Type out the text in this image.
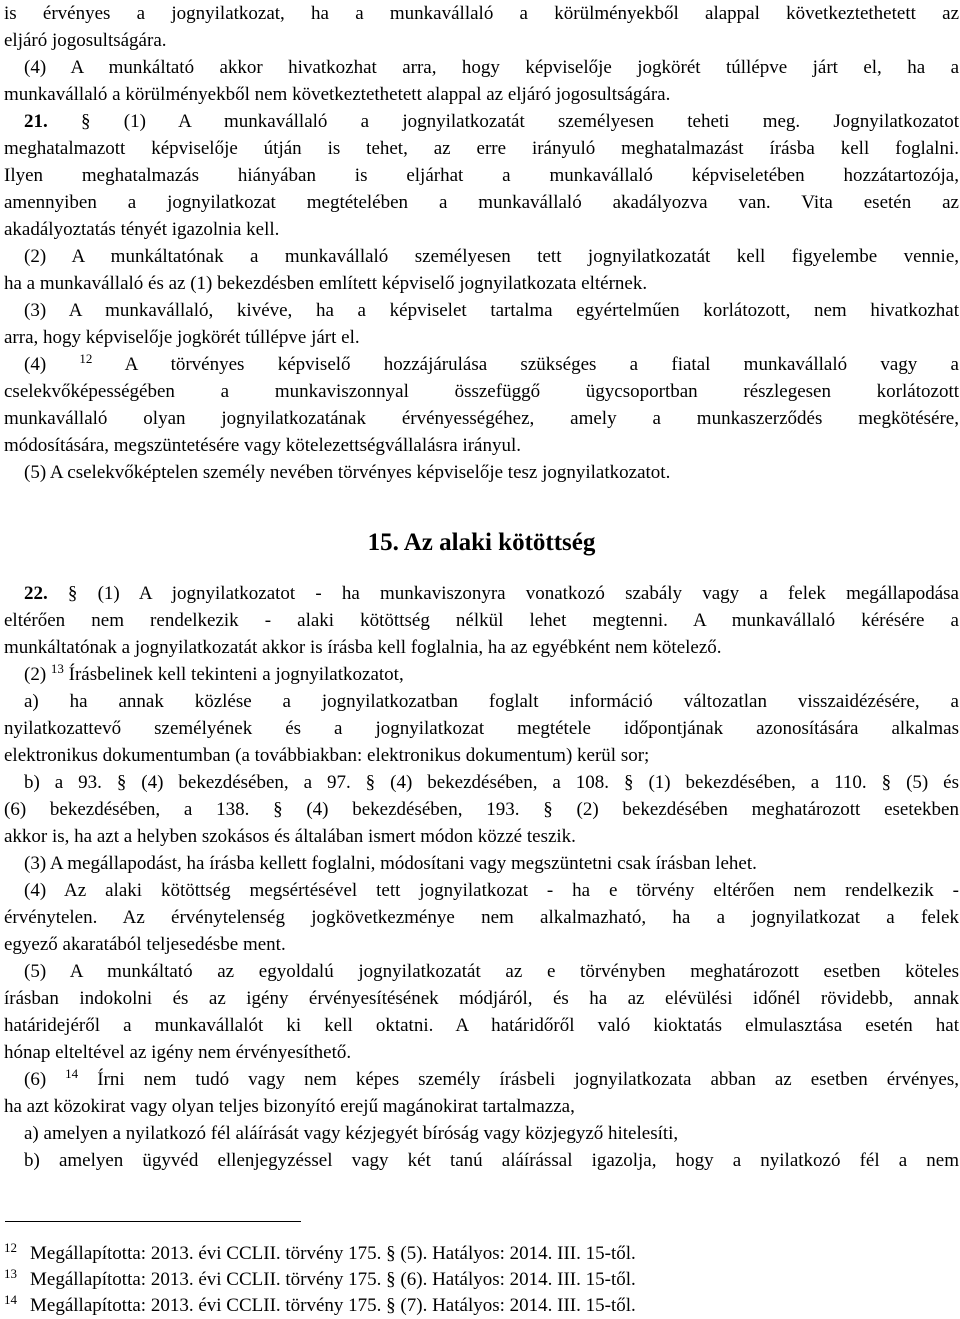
is érvényes a jognyilatkozat, ha a munkavállaló a körülményekből alappal következtethetett az
eljáró jogosultságára.
(4) A munkáltató akkor hivatkozhat arra, hogy képviselője jogkörét túllépve járt el, ha a
munkavállaló a körülményekből nem következtethetett alappal az eljáró jogosultságára.
21. § (1) A munkavállaló a jognyilatkozatát személyesen teheti meg. Jognyilatkozatot
meghatalmazott képviselője útján is tehet, az erre irányuló meghatalmazást írásba kell foglalni.
Ilyen meghatalmazás hiányában is eljárhat a munkavállaló képviseletében hozzátartozója,
amennyiben a jognyilatkozat megtételében a munkavállaló akadályozva van. Vita esetén az
akadályoztatás tényét igazolnia kell.
(2) A munkáltatónak a munkavállaló személyesen tett jognyilatkozatát kell figyelembe vennie,
ha a munkavállaló és az (1) bekezdésben említett képviselő jognyilatkozata eltérnek.
(3) A munkavállaló, kivéve, ha a képviselet tartalma egyértelműen korlátozott, nem hivatkozhat
arra, hogy képviselője jogkörét túllépve járt el.
(4) $^{12}$ A törvényes képviselő hozzájárulása szükséges a fiatal munkavállaló vagy a
cselekvőképességében a munkaviszonnyal összefüggő ügycsoportban részlegesen korlátozott
munkavállaló olyan jognyilatkozatának érvényességéhez, amely a munkaszerződés megkötésére,
módosítására, megszüntetésére vagy kötelezettségvállalásra irányul.
(5) A cselekvőképtelen személy nevében törvényes képviselője tesz jognyilatkozatot.
22. § (1) A jognyilatkozatot - ha munkaviszonyra vonatkozó szabály vagy a felek megállapodása
eltérően nem rendelkezik - alaki kötöttség nélkül lehet megtenni. A munkavállaló kérésére a
munkáltatónak a jognyilatkozatát akkor is írásba kell foglalnia, ha az egyébként nem kötelező.
(2) $^{13}$ Írásbelinek kell tekinteni a jognyilatkozatot,
a) ha annak közlése a jognyilatkozatban foglalt információ változatlan visszaidézésére, a
nyilatkozattevő személyének és a jognyilatkozat megtétele időpontjának azonosítására alkalmas
elektronikus dokumentumban (a továbbiakban: elektronikus dokumentum) kerül sor;
b) a 93. § (4) bekezdésében, a 97. § (4) bekezdésében, a 108. § (1) bekezdésében, a 110. § (5) és
(6) bekezdésében, a 138. § (4) bekezdésében, 193. § (2) bekezdésében meghatározott esetekben
akkor is, ha azt a helyben szokásos és általában ismert módon közzé teszik.
(3) A megállapodást, ha írásba kellett foglalni, módosítani vagy megszüntetni csak írásban lehet.
(4) Az alaki kötöttség megsértésével tett jognyilatkozat - ha e törvény eltérően nem rendelkezik -
érvénytelen. Az érvénytelenség jogkövetkezménye nem alkalmazható, ha a jognyilatkozat a felek
egyező akaratából teljesedésbe ment.
(5) A munkáltató az egyoldalú jognyilatkozatát az e törvényben meghatározott esetben köteles
írásban indokolni és az igény érvényesítésének módjáról, és ha az elévülési időnél rövidebb, annak
határidejéről a munkavállalót ki kell oktatni. A határidőről való kioktatás elmulasztása esetén hat
hónap elteltével az igény nem érvényesíthető.
(6) $^{14}$ Írni nem tudó vagy nem képes személy írásbeli jognyilatkozata abban az esetben érvényes,
ha azt közokirat vagy olyan teljes bizonyító erejű magánokirat tartalmazza,
a) amelyen a nyilatkozó fél aláírását vagy kézjegyét bíróság vagy közjegyző hitelesíti,
b) amelyen ügyvéd ellenjegyzéssel vagy két tanú aláírással igazolja, hogy a nyilatkozó fél a nem
15. Az alaki kötöttség
12 Megállapította: 2013. évi CCLII. törvény 175. § (5). Hatályos: 2014. III. 15-től.
13 Megállapította: 2013. évi CCLII. törvény 175. § (6). Hatályos: 2014. III. 15-től.
14 Megállapította: 2013. évi CCLII. törvény 175. § (7). Hatályos: 2014. III. 15-től.
